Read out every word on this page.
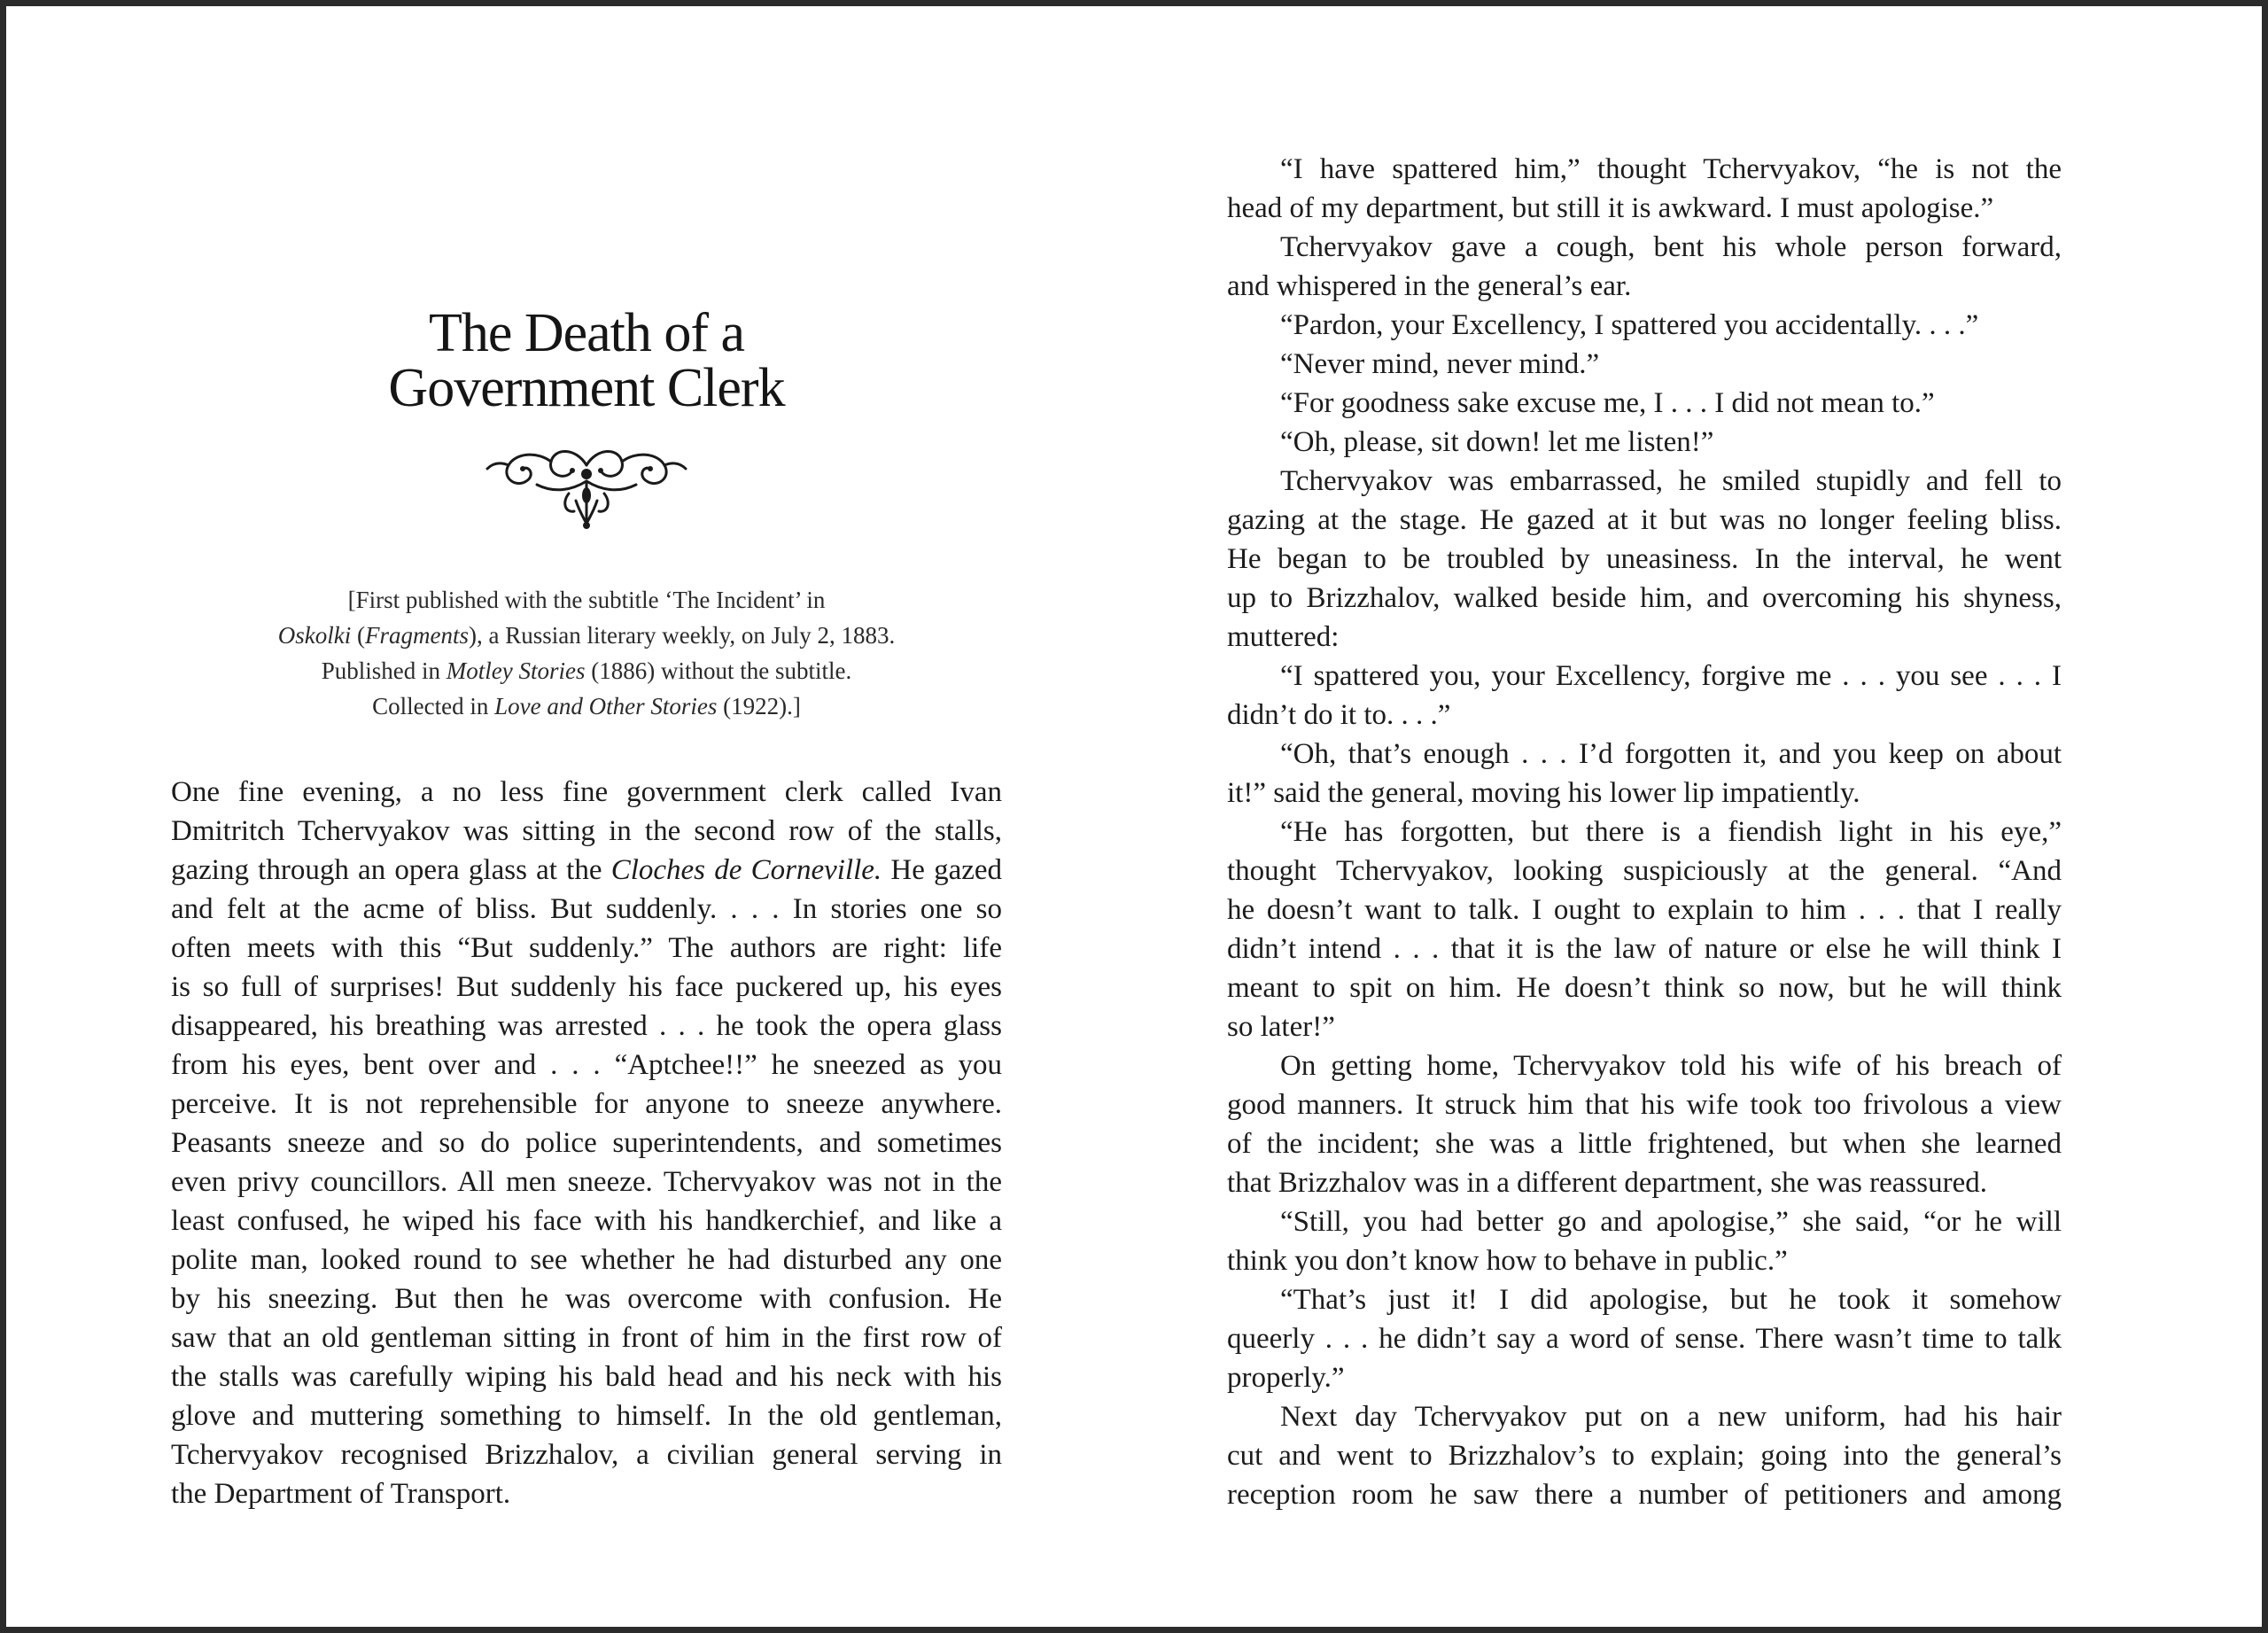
The Death of a
Government Clerk
[First published with the subtitle ‘The Incident’ in
Oskolki (Fragments), a Russian literary weekly, on July 2, 1883.
Published in Motley Stories (1886) without the subtitle.
Collected in Love and Other Stories (1922).]
One fine evening, a no less fine government clerk called Ivan
Dmitritch Tchervyakov was sitting in the second row of the stalls,
gazing through an opera glass at the Cloches de Corneville. He gazed
and felt at the acme of bliss. But suddenly. . . . In stories one so
often meets with this “But suddenly.” The authors are right: life
is so full of surprises! But suddenly his face puckered up, his eyes
disappeared, his breathing was arrested . . . he took the opera glass
from his eyes, bent over and . . . “Aptchee!!” he sneezed as you
perceive. It is not reprehensible for anyone to sneeze anywhere.
Peasants sneeze and so do police superintendents, and sometimes
even privy councillors. All men sneeze. Tchervyakov was not in the
least confused, he wiped his face with his handkerchief, and like a
polite man, looked round to see whether he had disturbed any one
by his sneezing. But then he was overcome with confusion. He
saw that an old gentleman sitting in front of him in the first row of
the stalls was carefully wiping his bald head and his neck with his
glove and muttering something to himself. In the old gentleman,
Tchervyakov recognised Brizzhalov, a civilian general serving in
the Department of Transport.
“I have spattered him,” thought Tchervyakov, “he is not the
head of my department, but still it is awkward. I must apologise.”
Tchervyakov gave a cough, bent his whole person forward,
and whispered in the general’s ear.
“Pardon, your Excellency, I spattered you accidentally. . . .”
“Never mind, never mind.”
“For goodness sake excuse me, I . . . I did not mean to.”
“Oh, please, sit down! let me listen!”
Tchervyakov was embarrassed, he smiled stupidly and fell to
gazing at the stage. He gazed at it but was no longer feeling bliss.
He began to be troubled by uneasiness. In the interval, he went
up to Brizzhalov, walked beside him, and overcoming his shyness,
muttered:
“I spattered you, your Excellency, forgive me . . . you see . . . I
didn’t do it to. . . .”
“Oh, that’s enough . . . I’d forgotten it, and you keep on about
it!” said the general, moving his lower lip impatiently.
“He has forgotten, but there is a fiendish light in his eye,”
thought Tchervyakov, looking suspiciously at the general. “And
he doesn’t want to talk. I ought to explain to him . . . that I really
didn’t intend . . . that it is the law of nature or else he will think I
meant to spit on him. He doesn’t think so now, but he will think
so later!”
On getting home, Tchervyakov told his wife of his breach of
good manners. It struck him that his wife took too frivolous a view
of the incident; she was a little frightened, but when she learned
that Brizzhalov was in a different department, she was reassured.
“Still, you had better go and apologise,” she said, “or he will
think you don’t know how to behave in public.”
“That’s just it! I did apologise, but he took it somehow
queerly . . . he didn’t say a word of sense. There wasn’t time to talk
properly.”
Next day Tchervyakov put on a new uniform, had his hair
cut and went to Brizzhalov’s to explain; going into the general’s
reception room he saw there a number of petitioners and among
